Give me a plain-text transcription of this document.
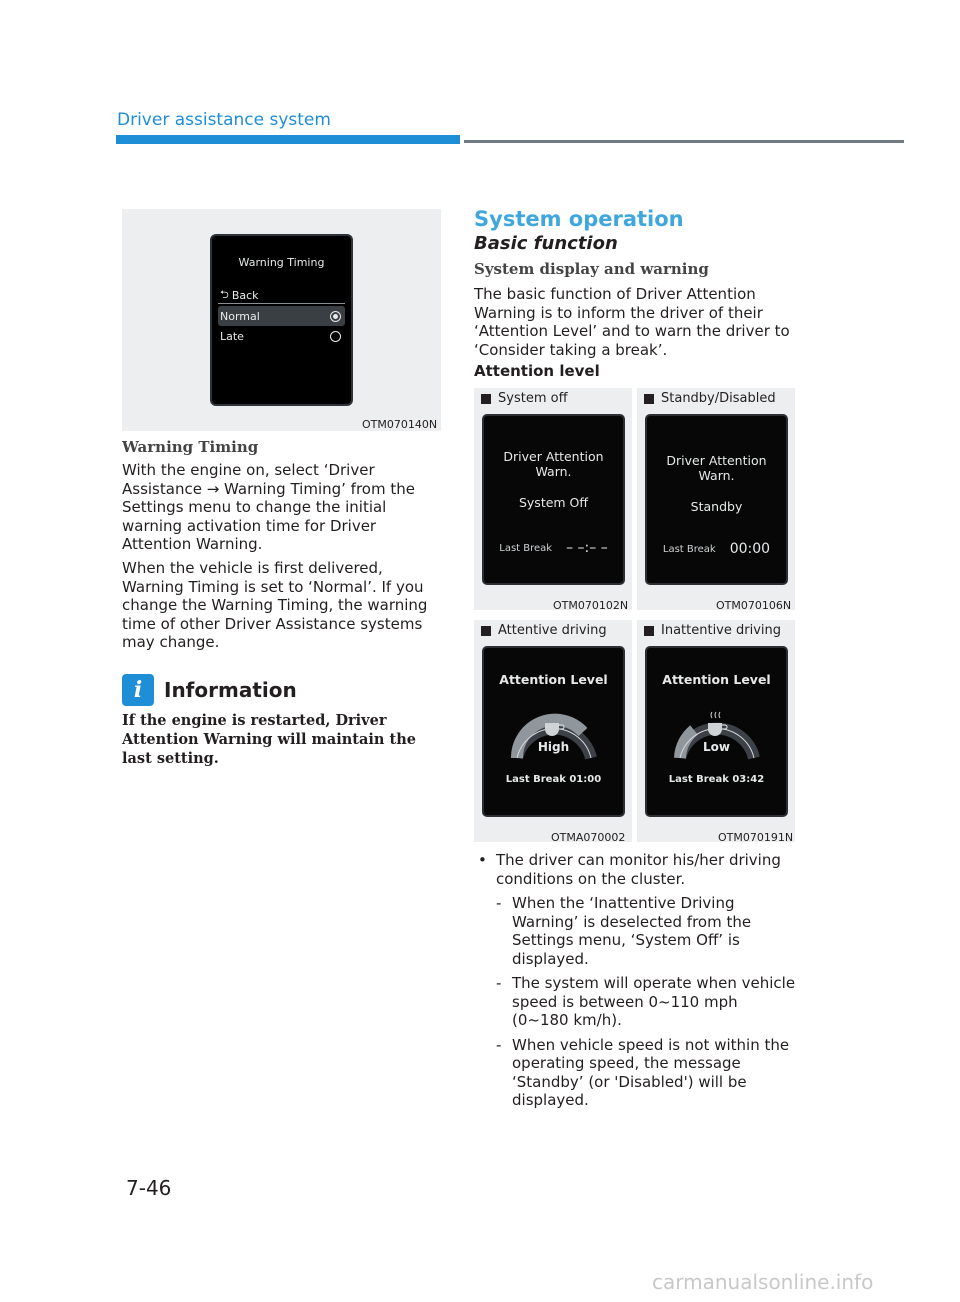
Driver assistance system
Warning Timing
⮌ Back
Normal
Late
OTM070140N
Warning Timing
With the engine on, select ‘Driver Assistance → Warning Timing’ from the Settings menu to change the initial warning activation time for Driver Attention Warning.
When the vehicle is first delivered, Warning Timing is set to ‘Normal’. If you change the Warning Timing, the warning time of other Driver Assistance systems may change.
i	Information
If the engine is restarted, Driver Attention Warning will maintain the last setting.
System operation
Basic function
System display and warning
The basic function of Driver Attention Warning is to inform the driver of their ‘Attention Level’ and to warn the driver to ‘Consider taking a break’.
Attention level
System off
Driver Attention Warn.
System Off
Last Break – –:– –
OTM070102N
Standby/Disabled
Driver Attention Warn.
Standby
Last Break 00:00
OTM070106N
Attentive driving
Attention Level
High
Last Break 01:00
OTMA070002
Inattentive driving
Attention Level
Low
Last Break 03:42
OTM070191N
• The driver can monitor his/her driving conditions on the cluster.
- When the ‘Inattentive Driving Warning’ is deselected from the Settings menu, ‘System Off’ is displayed.
- The system will operate when vehicle speed is between 0~110 mph (0~180 km/h).
- When vehicle speed is not within the operating speed, the message ‘Standby’ (or 'Disabled') will be displayed.
7-46
carmanualsonline.info
